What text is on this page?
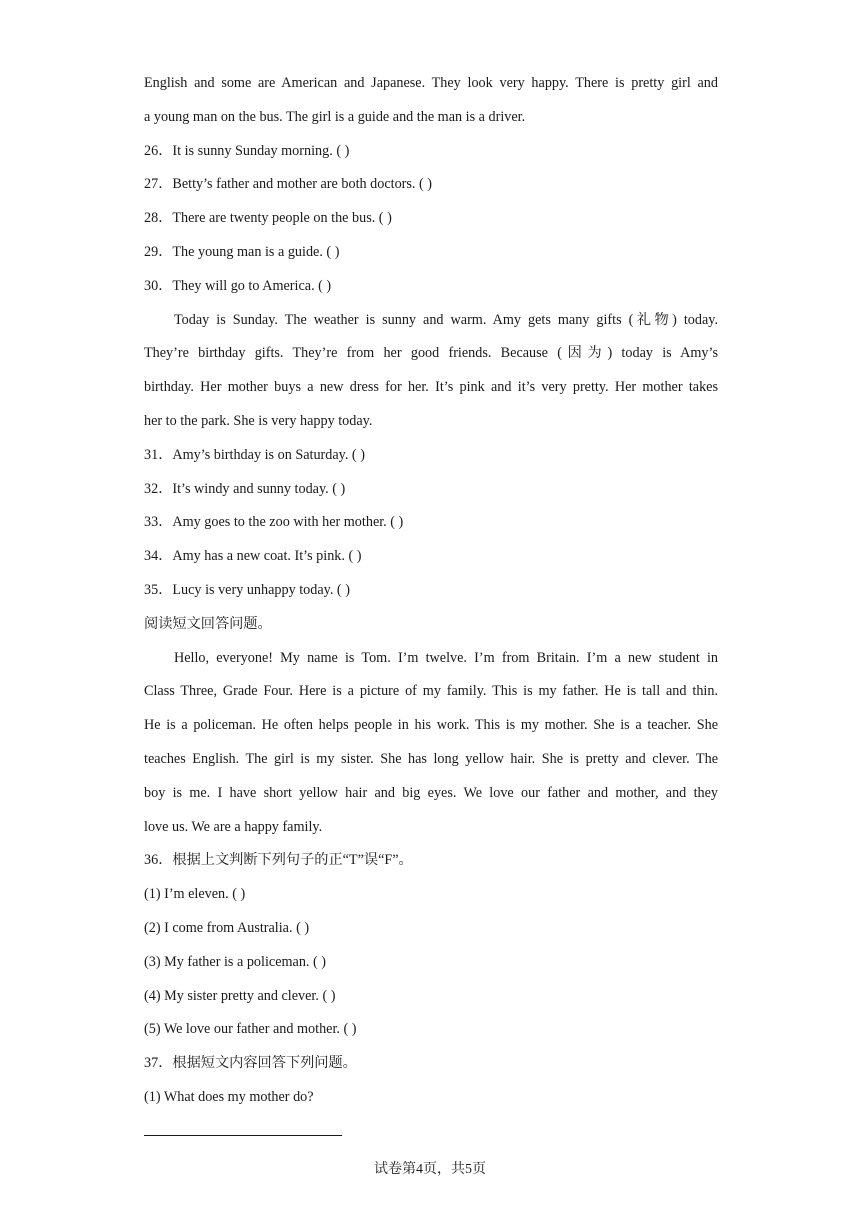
English and some are American and Japanese. They look very happy. There is pretty girl and
a young man on the bus. The girl is a guide and the man is a driver.
26．It is sunny Sunday morning. ( )
27．Betty’s father and mother are both doctors. ( )
28．There are twenty people on the bus. ( )
29．The young man is a guide. ( )
30．They will go to America. ( )
Today is Sunday. The weather is sunny and warm. Amy gets many gifts (礼物) today.
They’re birthday gifts. They’re from her good friends. Because (因为) today is Amy’s
birthday. Her mother buys a new dress for her. It’s pink and it’s very pretty. Her mother takes
her to the park. She is very happy today.
31．Amy’s birthday is on Saturday. ( )
32．It’s windy and sunny today. ( )
33．Amy goes to the zoo with her mother. ( )
34．Amy has a new coat. It’s pink. ( )
35．Lucy is very unhappy today. ( )
阅读短文回答问题。
Hello, everyone! My name is Tom. I’m twelve. I’m from Britain. I’m a new student in
Class Three, Grade Four. Here is a picture of my family. This is my father. He is tall and thin.
He is a policeman. He often helps people in his work. This is my mother. She is a teacher. She
teaches English. The girl is my sister. She has long yellow hair. She is pretty and clever. The
boy is me. I have short yellow hair and big eyes. We love our father and mother, and they
love us. We are a happy family.
36．根据上文判断下列句子的正“T”误“F”。
(1) I’m eleven. ( )
(2) I come from Australia. ( )
(3) My father is a policeman. ( )
(4) My sister pretty and clever. ( )
(5) We love our father and mother. ( )
37．根据短文内容回答下列问题。
(1) What does my mother do?
试卷第4页，共5页
